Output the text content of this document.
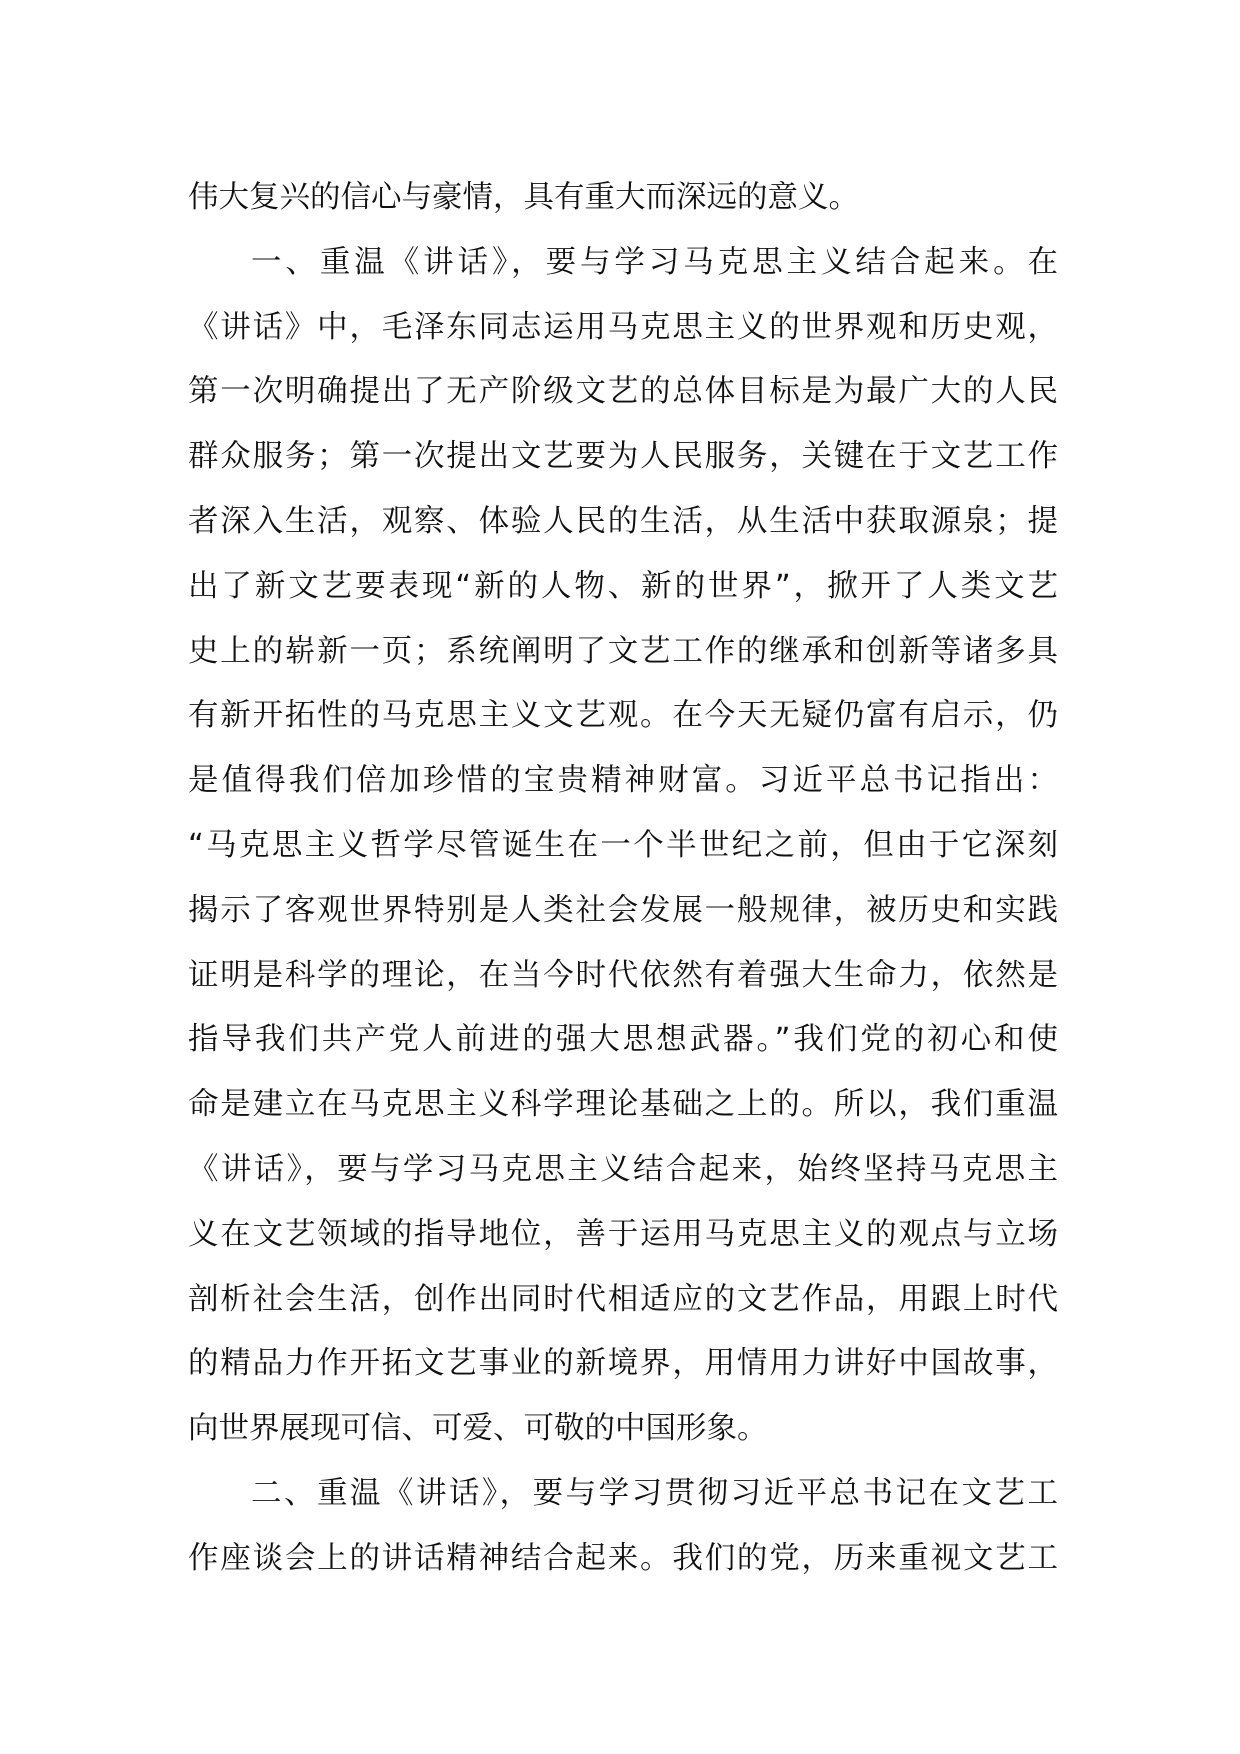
伟大复兴的信心与豪情，具有重大而深远的意义。
一、重温《讲话》，要与学习马克思主义结合起来。在
《讲话》中，毛泽东同志运用马克思主义的世界观和历史观，
第一次明确提出了无产阶级文艺的总体目标是为最广大的人民
群众服务；第一次提出文艺要为人民服务，关键在于文艺工作
者深入生活，观察、体验人民的生活，从生活中获取源泉；提
出了新文艺要表现“新的人物、新的世界”，掀开了人类文艺
史上的崭新一页；系统阐明了文艺工作的继承和创新等诸多具
有新开拓性的马克思主义文艺观。在今天无疑仍富有启示，仍
是值得我们倍加珍惜的宝贵精神财富。习近平总书记指出：
“马克思主义哲学尽管诞生在一个半世纪之前，但由于它深刻
揭示了客观世界特别是人类社会发展一般规律，被历史和实践
证明是科学的理论，在当今时代依然有着强大生命力，依然是
指导我们共产党人前进的强大思想武器。”我们党的初心和使
命是建立在马克思主义科学理论基础之上的。所以，我们重温
《讲话》，要与学习马克思主义结合起来，始终坚持马克思主
义在文艺领域的指导地位，善于运用马克思主义的观点与立场
剖析社会生活，创作出同时代相适应的文艺作品，用跟上时代
的精品力作开拓文艺事业的新境界，用情用力讲好中国故事，
向世界展现可信、可爱、可敬的中国形象。
二、重温《讲话》，要与学习贯彻习近平总书记在文艺工
作座谈会上的讲话精神结合起来。我们的党，历来重视文艺工
